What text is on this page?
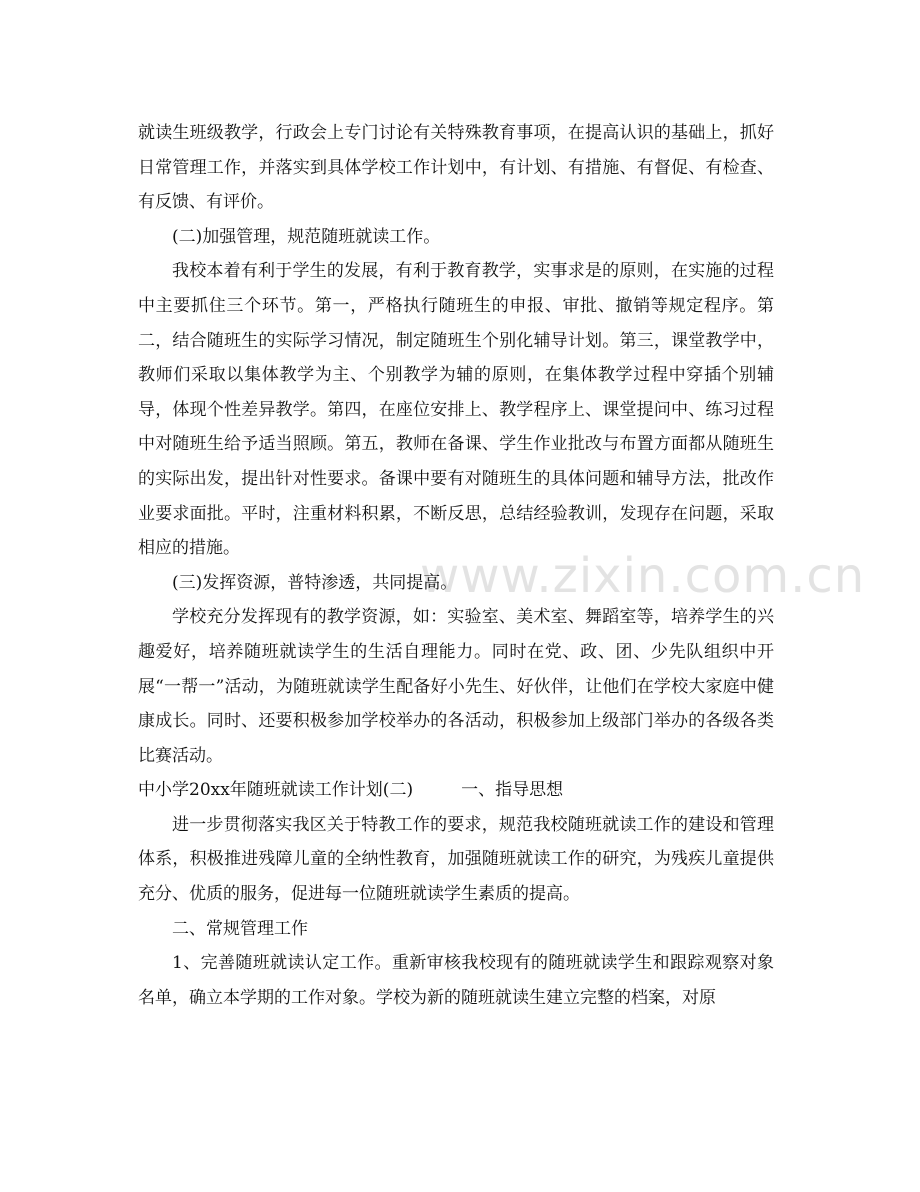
www.zixin.com.cn

就读生班级教学，行政会上专门讨论有关特殊教育事项，在提高认识的基础上，抓好日常管理工作，并落实到具体学校工作计划中，有计划、有措施、有督促、有检查、有反馈、有评价。

(二)加强管理，规范随班就读工作。

我校本着有利于学生的发展，有利于教育教学，实事求是的原则，在实施的过程中主要抓住三个环节。第一，严格执行随班生的申报、审批、撤销等规定程序。第二，结合随班生的实际学习情况，制定随班生个别化辅导计划。第三，课堂教学中，教师们采取以集体教学为主、个别教学为辅的原则，在集体教学过程中穿插个别辅导，体现个性差异教学。第四，在座位安排上、教学程序上、课堂提问中、练习过程中对随班生给予适当照顾。第五，教师在备课、学生作业批改与布置方面都从随班生的实际出发，提出针对性要求。备课中要有对随班生的具体问题和辅导方法，批改作业要求面批。平时，注重材料积累，不断反思，总结经验教训，发现存在问题，采取相应的措施。

(三)发挥资源，普特渗透，共同提高。

学校充分发挥现有的教学资源，如：实验室、美术室、舞蹈室等，培养学生的兴趣爱好，培养随班就读学生的生活自理能力。同时在党、政、团、少先队组织中开展“一帮一”活动，为随班就读学生配备好小先生、好伙伴，让他们在学校大家庭中健康成长。同时、还要积极参加学校举办的各活动，积极参加上级部门举办的各级各类比赛活动。

中小学20xx年随班就读工作计划(二)	一、指导思想

进一步贯彻落实我区关于特教工作的要求，规范我校随班就读工作的建设和管理体系，积极推进残障儿童的全纳性教育，加强随班就读工作的研究，为残疾儿童提供充分、优质的服务，促进每一位随班就读学生素质的提高。

二、常规管理工作

1、完善随班就读认定工作。重新审核我校现有的随班就读学生和跟踪观察对象名单，确立本学期的工作对象。学校为新的随班就读生建立完整的档案，对原
